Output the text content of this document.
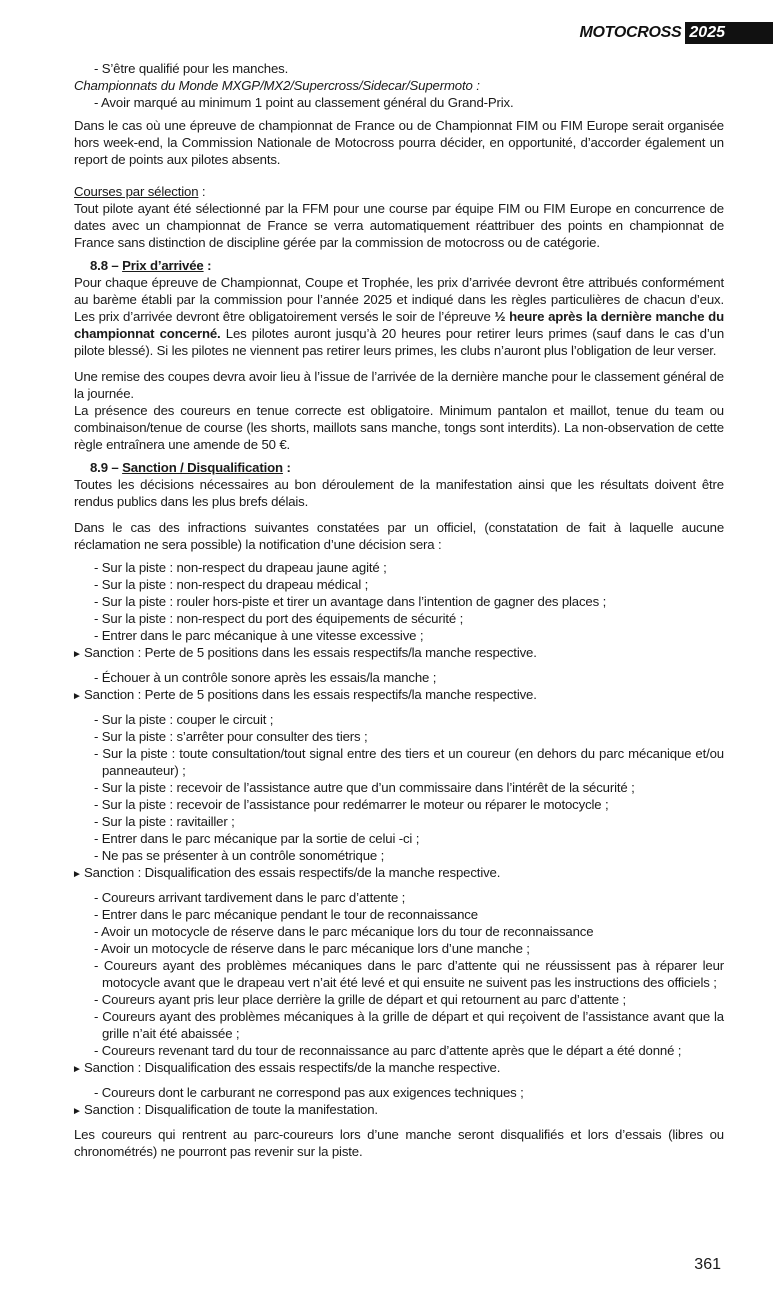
MOTOCROSS 2025

- S’être qualifié pour les manches.

Championnats du Monde MXGP/MX2/Supercross/Sidecar/Supermoto :

- Avoir marqué au minimum 1 point au classement général du Grand-Prix.

Dans le cas où une épreuve de championnat de France ou de Championnat FIM ou FIM Europe serait organisée hors week-end, la Commission Nationale de Motocross pourra décider, en opportunité, d’accorder également un report de points aux pilotes absents.

Courses par sélection :

Tout pilote ayant été sélectionné par la FFM pour une course par équipe FIM ou FIM Europe en concurrence de dates avec un championnat de France se verra automatiquement réattribuer des points en championnat de France sans distinction de discipline gérée par la commission de motocross ou de catégorie.

8.8 – Prix d’arrivée :

Pour chaque épreuve de Championnat, Coupe et Trophée, les prix d’arrivée devront être attribués conformément au barème établi par la commission pour l’année 2025 et indiqué dans les règles particulières de chacun d’eux. Les prix d’arrivée devront être obligatoirement versés le soir de l’épreuve ½ heure après la dernière manche du championnat concerné. Les pilotes auront jusqu’à 20 heures pour retirer leurs primes (sauf dans le cas d’un pilote blessé). Si les pilotes ne viennent pas retirer leurs primes, les clubs n’auront plus l’obligation de leur verser.

Une remise des coupes devra avoir lieu à l’issue de l’arrivée de la dernière manche pour le classement général de la journée.

La présence des coureurs en tenue correcte est obligatoire. Minimum pantalon et maillot, tenue du team ou combinaison/tenue de course (les shorts, maillots sans manche, tongs sont interdits). La non-observation de cette règle entraînera une amende de 50 €.

8.9 – Sanction / Disqualification :

Toutes les décisions nécessaires au bon déroulement de la manifestation ainsi que les résultats doivent être rendus publics dans les plus brefs délais.

Dans le cas des infractions suivantes constatées par un officiel, (constatation de fait à laquelle aucune réclamation ne sera possible) la notification d’une décision sera :

- Sur la piste : non-respect du drapeau jaune agité ;

- Sur la piste : non-respect du drapeau médical ;

- Sur la piste : rouler hors-piste et tirer un avantage dans l’intention de gagner des places ;

- Sur la piste : non-respect du port des équipements de sécurité ;

- Entrer dans le parc mécanique à une vitesse excessive ;

► Sanction : Perte de 5 positions dans les essais respectifs/la manche respective.

- Échouer à un contrôle sonore après les essais/la manche ;

► Sanction : Perte de 5 positions dans les essais respectifs/la manche respective.

- Sur la piste : couper le circuit ;

- Sur la piste : s’arrêter pour consulter des tiers ;

- Sur la piste : toute consultation/tout signal entre des tiers et un coureur (en dehors du parc mécanique et/ou panneauteur) ;

- Sur la piste : recevoir de l’assistance autre que d’un commissaire dans l’intérêt de la sécurité ;

- Sur la piste : recevoir de l’assistance pour redémarrer le moteur ou réparer le motocycle ;

- Sur la piste : ravitailler ;

- Entrer dans le parc mécanique par la sortie de celui -ci ;

- Ne pas se présenter à un contrôle sonométrique ;

► Sanction : Disqualification des essais respectifs/de la manche respective.

- Coureurs arrivant tardivement dans le parc d’attente ;

- Entrer dans le parc mécanique pendant le tour de reconnaissance

- Avoir un motocycle de réserve dans le parc mécanique lors du tour de reconnaissance

- Avoir un motocycle de réserve dans le parc mécanique lors d’une manche ;

- Coureurs ayant des problèmes mécaniques dans le parc d’attente qui ne réussissent pas à réparer leur motocycle avant que le drapeau vert n’ait été levé et qui ensuite ne suivent pas les instructions des officiels ;

- Coureurs ayant pris leur place derrière la grille de départ et qui retournent au parc d’attente ;

- Coureurs ayant des problèmes mécaniques à la grille de départ et qui reçoivent de l’assistance avant que la grille n’ait été abaissée ;

- Coureurs revenant tard du tour de reconnaissance au parc d’attente après que le départ a été donné ;

► Sanction : Disqualification des essais respectifs/de la manche respective.

- Coureurs dont le carburant ne correspond pas aux exigences techniques ;

► Sanction : Disqualification de toute la manifestation.

Les coureurs qui rentrent au parc-coureurs lors d’une manche seront disqualifiés et lors d’essais (libres ou chronométrés) ne pourront pas revenir sur la piste.

361
